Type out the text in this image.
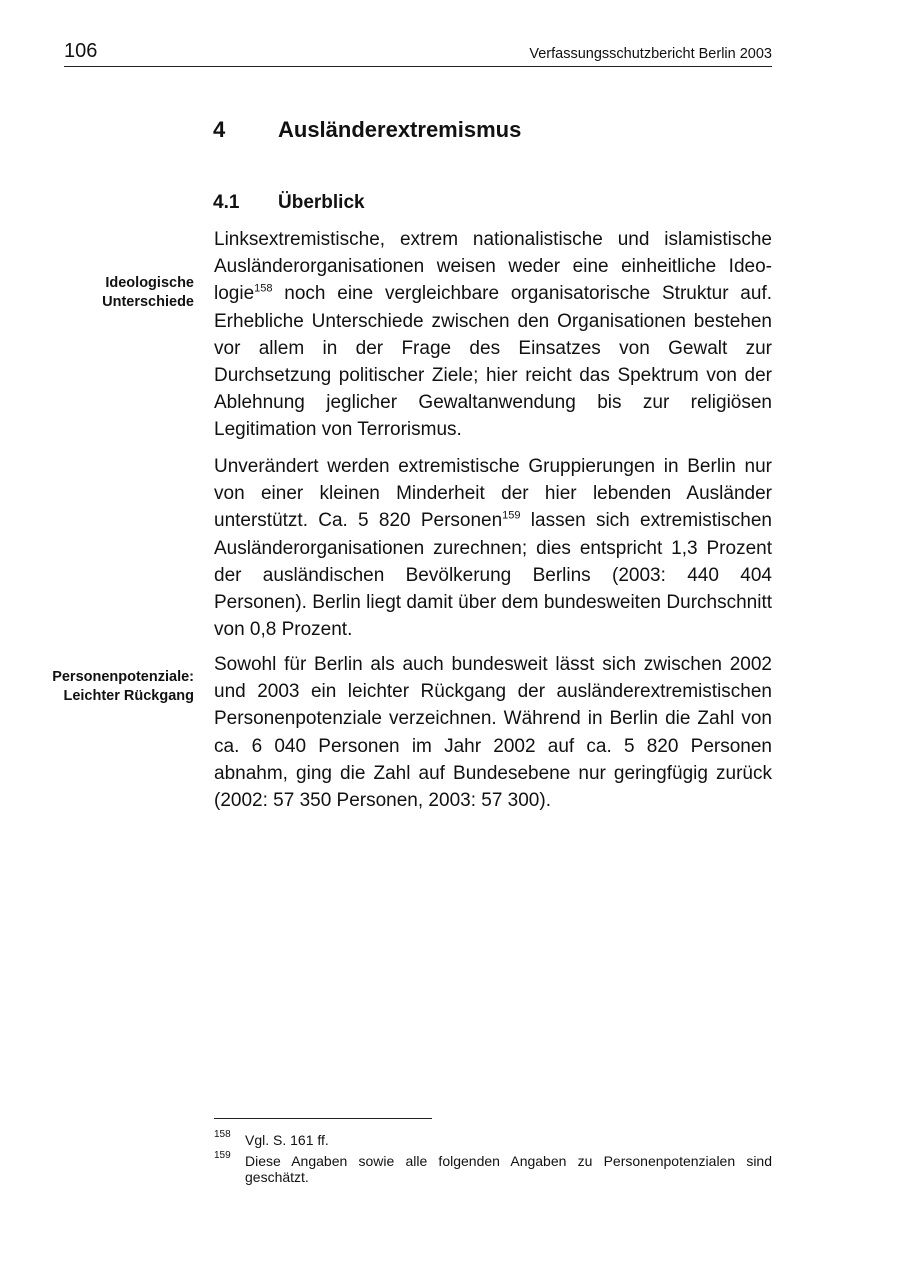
106	Verfassungsschutzbericht Berlin 2003
4 Ausländerextremismus
4.1 Überblick
Ideologische
Unterschiede
Personenpotenziale:
Leichter Rückgang

Linksextremistische, extrem nationalistische und islamistische Ausländerorganisationen weisen weder eine einheitliche Ideologie$^{158}$ noch eine vergleichbare organisatorische Struktur auf. Erhebliche Unterschiede zwischen den Organisationen bestehen vor allem in der Frage des Einsatzes von Gewalt zur Durchsetzung politischer Ziele; hier reicht das Spektrum von der Ablehnung jeglicher Gewaltanwendung bis zur religiösen Legitimation von Terrorismus.

Unverändert werden extremistische Gruppierungen in Berlin nur von einer kleinen Minderheit der hier lebenden Ausländer unterstützt. Ca. 5 820 Personen$^{159}$ lassen sich extremistischen Ausländerorganisationen zurechnen; dies entspricht 1,3 Prozent der ausländischen Bevölkerung Berlins (2003: 440 404 Personen). Berlin liegt damit über dem bundesweiten Durchschnitt von 0,8 Prozent.

Sowohl für Berlin als auch bundesweit lässt sich zwischen 2002 und 2003 ein leichter Rückgang der ausländerextremistischen Personenpotenziale verzeichnen. Während in Berlin die Zahl von ca. 6 040 Personen im Jahr 2002 auf ca. 5 820 Personen abnahm, ging die Zahl auf Bundesebene nur geringfügig zurück (2002: 57 350 Personen, 2003: 57 300).

158 Vgl. S. 161 ff.
159 Diese Angaben sowie alle folgenden Angaben zu Personenpotenzialen sind geschätzt.
